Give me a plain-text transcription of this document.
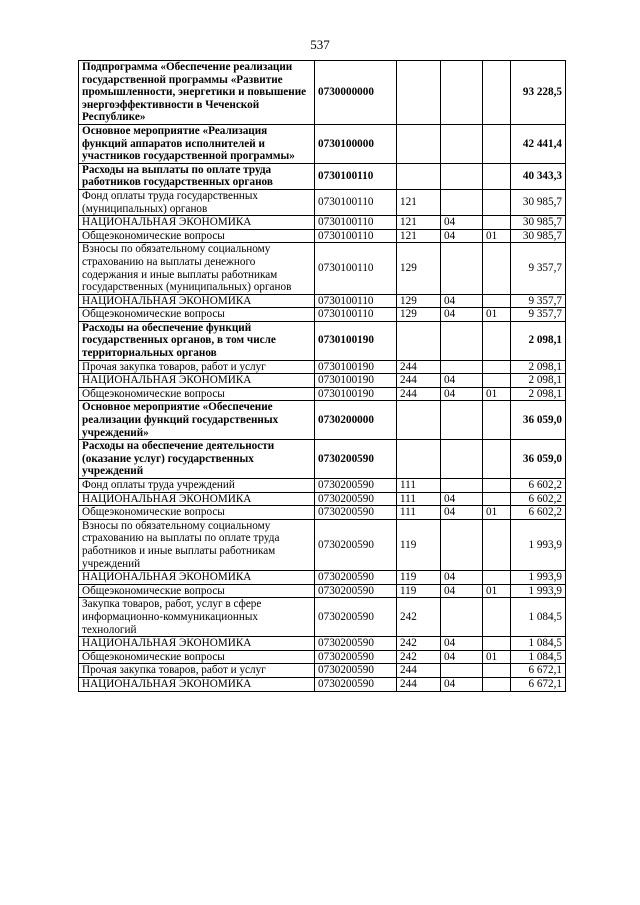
537
Подпрограмма «Обеспечение реализации государственной программы «Развитие промышленности, энергетики и повышение энергоэффективности в Чеченской Республике»	0730000000				93 228,5
Основное мероприятие «Реализация функций аппаратов исполнителей и участников государственной программы»	0730100000				42 441,4
Расходы на выплаты по оплате труда работников государственных органов	0730100110				40 343,3
Фонд оплаты труда государственных (муниципальных) органов	0730100110	121			30 985,7
НАЦИОНАЛЬНАЯ ЭКОНОМИКА	0730100110	121	04		30 985,7
Общеэкономические вопросы	0730100110	121	04	01	30 985,7
Взносы по обязательному социальному страхованию на выплаты денежного содержания и иные выплаты работникам государственных (муниципальных) органов	0730100110	129			9 357,7
НАЦИОНАЛЬНАЯ ЭКОНОМИКА	0730100110	129	04		9 357,7
Общеэкономические вопросы	0730100110	129	04	01	9 357,7
Расходы на обеспечение функций государственных органов, в том числе территориальных органов	0730100190				2 098,1
Прочая закупка товаров, работ и услуг	0730100190	244			2 098,1
НАЦИОНАЛЬНАЯ ЭКОНОМИКА	0730100190	244	04		2 098,1
Общеэкономические вопросы	0730100190	244	04	01	2 098,1
Основное мероприятие «Обеспечение реализации функций государственных учреждений»	0730200000				36 059,0
Расходы на обеспечение деятельности (оказание услуг) государственных учреждений	0730200590				36 059,0
Фонд оплаты труда учреждений	0730200590	111			6 602,2
НАЦИОНАЛЬНАЯ ЭКОНОМИКА	0730200590	111	04		6 602,2
Общеэкономические вопросы	0730200590	111	04	01	6 602,2
Взносы по обязательному социальному страхованию на выплаты по оплате труда работников и иные выплаты работникам учреждений	0730200590	119			1 993,9
НАЦИОНАЛЬНАЯ ЭКОНОМИКА	0730200590	119	04		1 993,9
Общеэкономические вопросы	0730200590	119	04	01	1 993,9
Закупка товаров, работ, услуг в сфере информационно-коммуникационных технологий	0730200590	242			1 084,5
НАЦИОНАЛЬНАЯ ЭКОНОМИКА	0730200590	242	04		1 084,5
Общеэкономические вопросы	0730200590	242	04	01	1 084,5
Прочая закупка товаров, работ и услуг	0730200590	244			6 672,1
НАЦИОНАЛЬНАЯ ЭКОНОМИКА	0730200590	244	04		6 672,1
